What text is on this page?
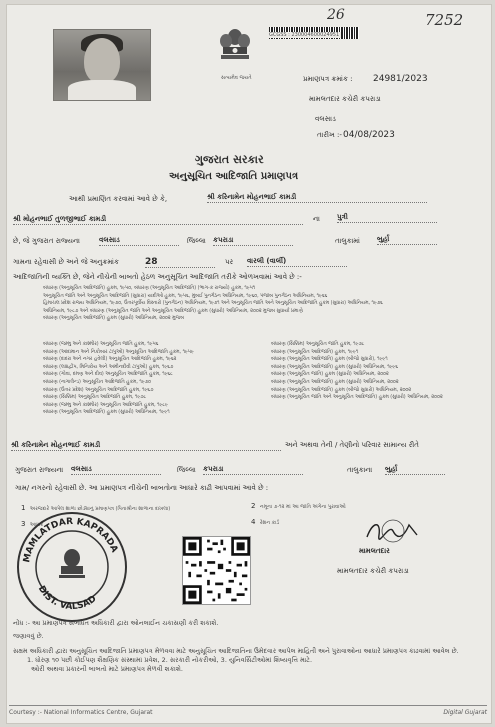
26	7252
સત્યમેવ જયતે
GCGSS : 230004600024951
પ્રમાણપત્ર ક્રમાંક : 24981/2023
મામલતદાર કચેરી કપરાડા
વલસાડ
તારીખ :- 04/08/2023
ગુજરાત સરકાર
અનુસૂચિત આદિજાતિ પ્રમાણપત્ર
આથી પ્રમાણિત કરવામાં આવે છે કે,	શ્રી કરિનામેન મોહનભાઈ કામડી
શ્રી મોહનભાઈ તુળજીભાઈ કામડી	ના પુત્રી
છે, જે ગુજરાત રાજ્યના	વલસાડ	જિલ્લા કપરાડા	તાલુકામાં બુર્હા
ગામના રહેવાસી છે અને જે અનુક્રમાંક	28	પર વારલી (વાર્લી)
આદિજાતિની વ્યક્તિ છે, જેને નીચેની બાબતો હેઠળ અનુસૂચિત આદિજાતિ તરીકે ઓળખવામાં આવે છે :-
બંધારણ (અનુસૂચિત આદિજાતિ) હુકમ, ૧૯૫૦, બંધારણ (અનુસૂચિત આદિજાતિ) (ભાગ-ક રાજ્યો) હુકમ, ૧૯૫૧
અનુસૂચિત જાતિ અને અનુસૂચિત આદિજાતિ (સુધારા) યાદીઓ હુકમ, ૧૯૫૬, મુંબઈ પુનર્ગઠન અધિનિયમ, ૧૯૬૦, પંજાબ પુનર્ગઠન અધિનિયમ, ૧૯૬૬
હિમાચલ પ્રદેશ રાજ્ય અધિનિયમ, ૧૯૭૦, ઉત્તરપૂર્વીય વિસ્તારો (પુનર્ગઠન) અધિનિયમ, ૧૯૭૧ અને અનુસૂચિત જાતિ અને અનુસૂચિત આદિજાતિ હુકમ (સુધારા) અધિનિયમ, ૧૯૭૬
અધિનિયમ, ૧૯૮૭ અને બંધારણ (અનુસૂચિત જાતિ અને અનુસૂચિત આદિજાતિ) હુકમ (સુધારો) અધિનિયમ, ૨૦૦૨ મુજબ સુધાર્યા પ્રમાણે
બંધારણ (અનુસૂચિત આદિજાતિ) હુકમ (સુધારો) અધિનિયમ, ૨૦૦૨ મુજબ
બંધારણ (જમ્મુ અને કાશ્મીર) અનુસૂચિત જાતિ હુકમ, ૧૯૫૬
બંધારણ (આંદામાન અને નિકોબાર ટાપુઓ) અનુસૂચિત આદિજાતિ હુકમ, ૧૯૫૯
બંધારણ (દાદરા અને નગર હવેલી) અનુસૂચિત આદિજાતિ હુકમ, ૧૯૬૨
બંધારણ (લક્ષદ્વીપ, મિનિકોય અને અમીનદીવી ટાપુઓ) હુકમ, ૧૯૬૭
બંધારણ (ગોવા, દમણ અને દીવ) અનુસૂચિત આદિજાતિ હુકમ, ૧૯૬૮
બંધારણ (નાગાલેન્ડ) અનુસૂચિત આદિજાતિ હુકમ, ૧૯૭૦
બંધારણ (ઉત્તર પ્રદેશ) અનુસૂચિત આદિજાતિ હુકમ, ૧૯૬૭
બંધારણ (સિક્કિમ) અનુસૂચિત આદિજાતિ હુકમ, ૧૯૭૮
બંધારણ (જમ્મુ અને કાશ્મીર) અનુસૂચિત આદિજાતિ હુકમ, ૧૯૮૯
બંધારણ (અનુસૂચિત આદિજાતિ) હુકમ (સુધારો) અધિનિયમ, ૧૯૯૧
બંધારણ (સિક્કિમ) અનુસૂચિત જાતિ હુકમ, ૧૯૭૮
બંધારણ (અનુસૂચિત આદિજાતિ) હુકમ, ૧૯૯૧
બંધારણ (અનુસૂચિત આદિજાતિ) હુકમ (બીજો સુધારો), ૧૯૯૧
બંધારણ (અનુસૂચિત આદિજાતિ) હુકમ (સુધારો) અધિનિયમ, ૧૯૯૬
બંધારણ (અનુસૂચિત જાતિ) હુકમ (સુધારો) અધિનિયમ, ૨૦૦૨
બંધારણ (અનુસૂચિત આદિજાતિ) હુકમ (સુધારો) અધિનિયમ, ૨૦૦૨
બંધારણ (અનુસૂચિત આદિજાતિ) હુકમ (બીજો સુધારો) અધિનિયમ, ૨૦૦૨
બંધારણ (અનુસૂચિત જાતિ અને અનુસૂચિત આદિજાતિ) હુકમ (સુધારો) અધિનિયમ, ૨૦૦૨
શ્રી કરિનામેન મોહનભાઈ કામડી	અને અથવા તેની / તેણીનો પરિવાર સામાન્ય રીતે
ગુજરાત રાજ્યના વલસાડ	જિલ્લા કપરાડા	તાલુકાના બુર્હા
ગામ/ નગરનો રહેવાસી છે. આ પ્રમાણપત્ર નીચેની બાબતોના આધારે કાઢી આપવામાં આવે છે :
1 અરજદારે આપેલ શાળા છોડ્યાનું પ્રમાણપત્ર (પિતાશ્રીના શાળાના દાખલા)	2 નમૂના ૭-૧૨ માં આ જાતિ અંગેના પુરાવાઓ
3 આધાર	4 રેશન કાર્ડ
MAMLATDAR KAPRADA
DIST. VALSAD
મામલતદાર
મામલતદાર કચેરી કપરાડા
નોંધ :- આ પ્રમાણપત્ર સંબંધિત અધિકારી દ્વારા ઓનલાઈન ચકાસણી કરી શકાશે.
જણાવવું છે.
સક્ષમ અધિકારી દ્વારા અનુસૂચિત આદિજાતિ પ્રમાણપત્ર મેળવવા માટે અનુસૂચિત આદિજાતિના ઉમેદવાર આપેલ માહિતી અને પુરાવાઓના આધારે પ્રમાણપત્ર કાઢવામાં આવેલ છે.
1. ધોરણ ૧૦ પછી કોઈપણ શૈક્ષણિક સંસ્થામાં પ્રવેશ, 2. સરકારી નોકરીઓ, 3. યુનિવર્સિટીઓમાં શિષ્યવૃત્તિ માટે.
ઓરી અથવા પ્રકારની બાબતો માટે પ્રમાણપત્ર મેળવી શકાશે.
Courtesy :- National Informatics Centre, Gujarat	Digital Gujarat
